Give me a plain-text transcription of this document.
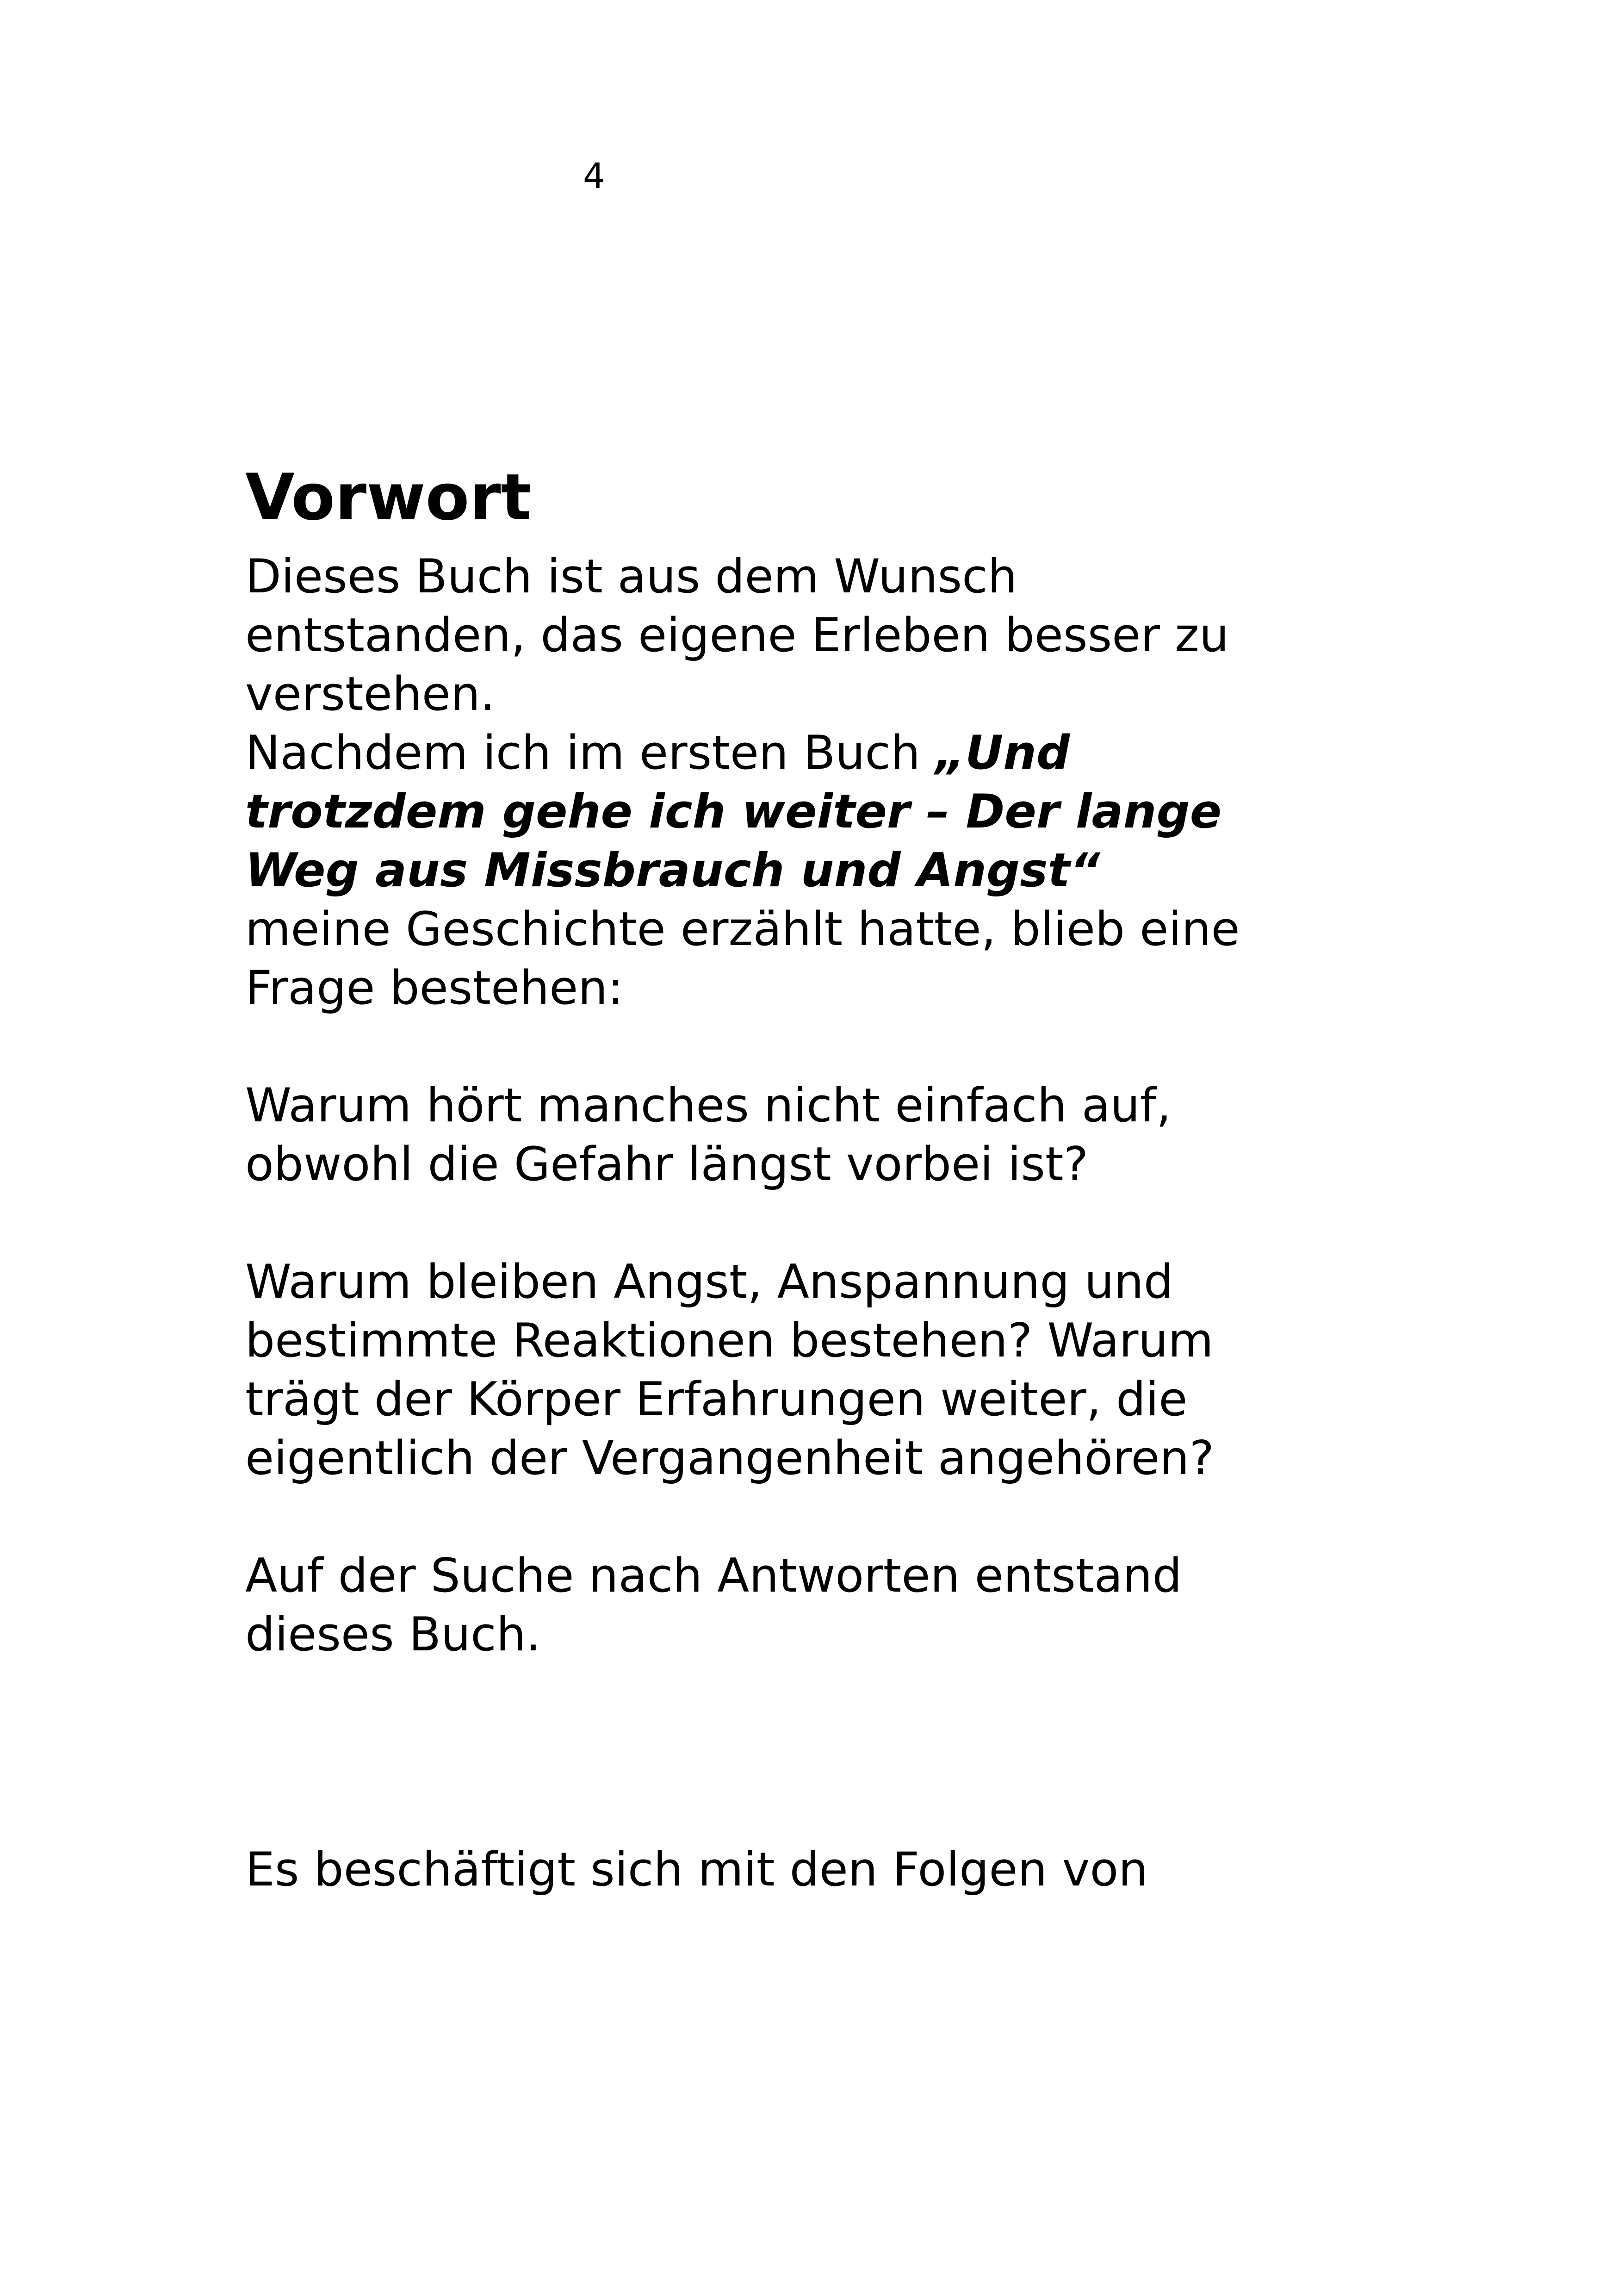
4
Vorwort
Dieses Buch ist aus dem Wunsch
entstanden, das eigene Erleben besser zu
verstehen.
Nachdem ich im ersten Buch „Und
trotzdem gehe ich weiter – Der lange
Weg aus Missbrauch und Angst“
meine Geschichte erzählt hatte, blieb eine
Frage bestehen:
Warum hört manches nicht einfach auf,
obwohl die Gefahr längst vorbei ist?
Warum bleiben Angst, Anspannung und
bestimmte Reaktionen bestehen? Warum
trägt der Körper Erfahrungen weiter, die
eigentlich der Vergangenheit angehören?
Auf der Suche nach Antworten entstand
dieses Buch.
Es beschäftigt sich mit den Folgen von
